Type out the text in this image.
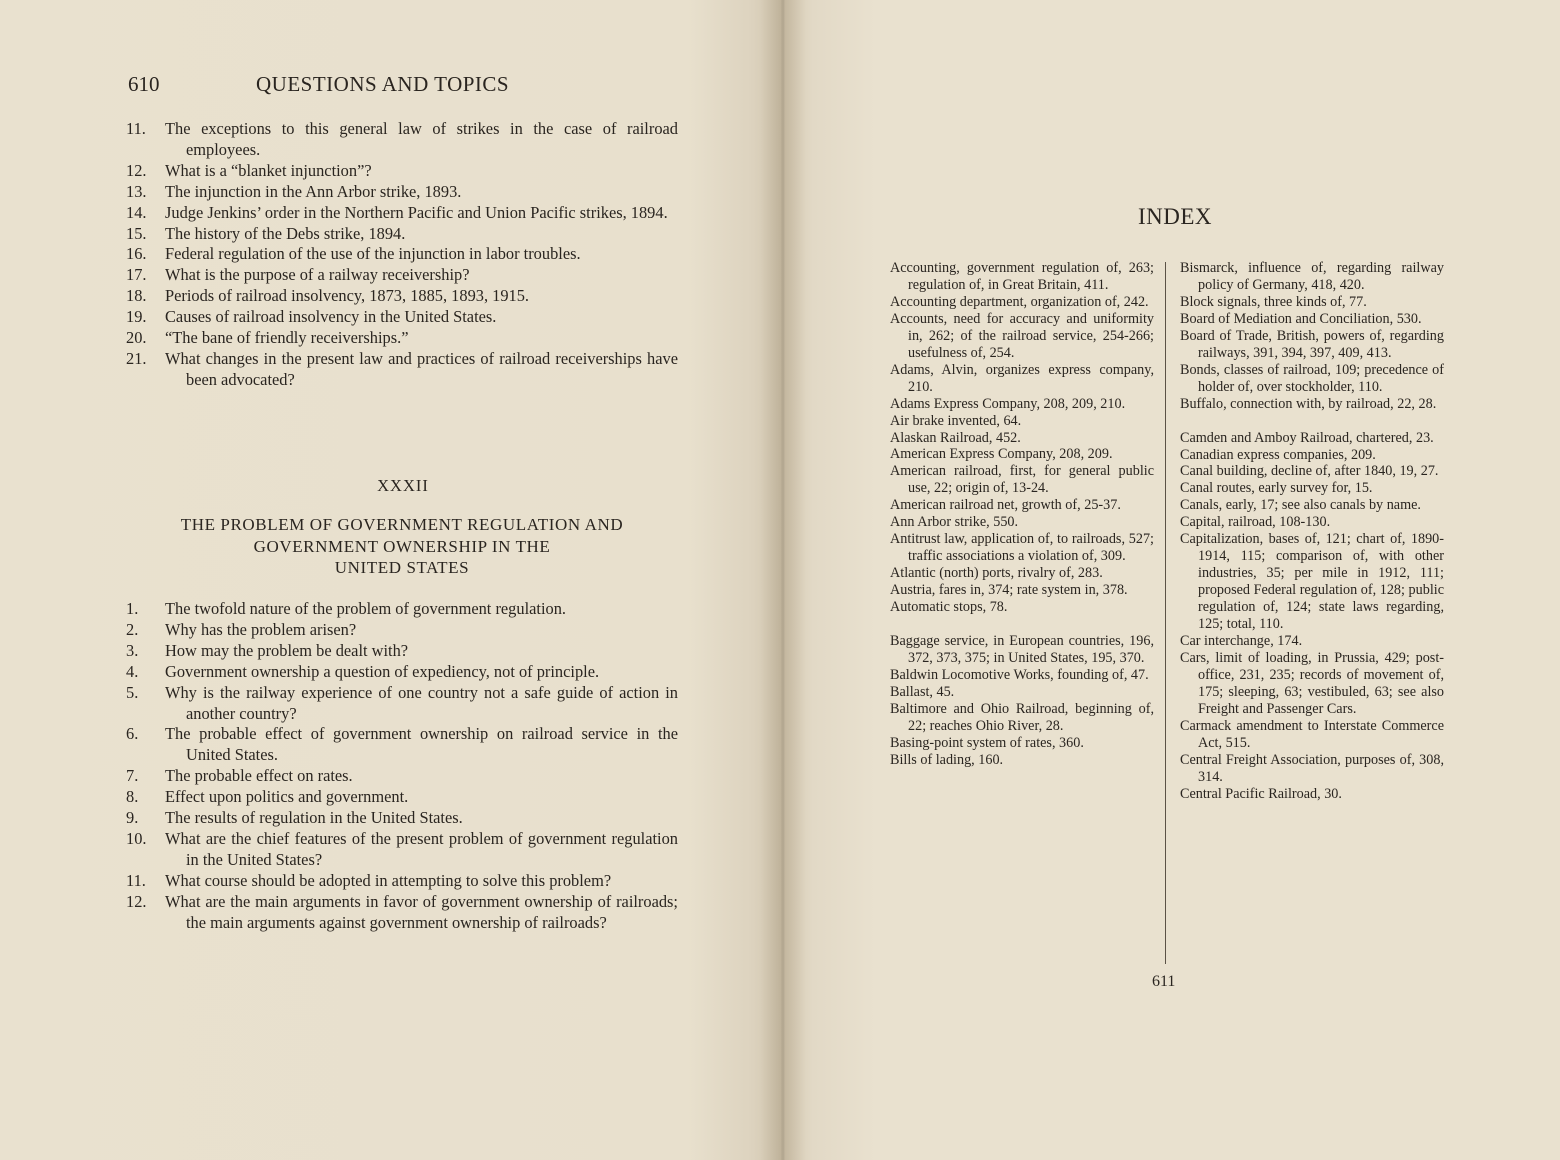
610	QUESTIONS AND TOPICS
11.	The exceptions to this general law of strikes in the case of railroad employees.
12.	What is a “blanket injunction”?
13.	The injunction in the Ann Arbor strike, 1893.
14.	Judge Jenkins’ order in the Northern Pacific and Union Pacific strikes, 1894.
15.	The history of the Debs strike, 1894.
16.	Federal regulation of the use of the injunction in labor troubles.
17.	What is the purpose of a railway receivership?
18.	Periods of railroad insolvency, 1873, 1885, 1893, 1915.
19.	Causes of railroad insolvency in the United States.
20.	“The bane of friendly receiverships.”
21.	What changes in the present law and practices of railroad receiverships have been advocated?
XXXII
THE PROBLEM OF GOVERNMENT REGULATION AND
GOVERNMENT OWNERSHIP IN THE
UNITED STATES
1.	The twofold nature of the problem of government regulation.
2.	Why has the problem arisen?
3.	How may the problem be dealt with?
4.	Government ownership a question of expediency, not of principle.
5.	Why is the railway experience of one country not a safe guide of action in another country?
6.	The probable effect of government ownership on railroad service in the United States.
7.	The probable effect on rates.
8.	Effect upon politics and government.
9.	The results of regulation in the United States.
10.	What are the chief features of the present problem of government regulation in the United States?
11.	What course should be adopted in attempting to solve this problem?
12.	What are the main arguments in favor of government ownership of railroads; the main arguments against government ownership of railroads?
INDEX
Accounting, government regulation of, 263; regulation of, in Great Britain, 411.
Accounting department, organization of, 242.
Accounts, need for accuracy and uniformity in, 262; of the railroad service, 254-266; usefulness of, 254.
Adams, Alvin, organizes express company, 210.
Adams Express Company, 208, 209, 210.
Air brake invented, 64.
Alaskan Railroad, 452.
American Express Company, 208, 209.
American railroad, first, for general public use, 22; origin of, 13-24.
American railroad net, growth of, 25-37.
Ann Arbor strike, 550.
Antitrust law, application of, to railroads, 527; traffic associations a violation of, 309.
Atlantic (north) ports, rivalry of, 283.
Austria, fares in, 374; rate system in, 378.
Automatic stops, 78.
Baggage service, in European countries, 196, 372, 373, 375; in United States, 195, 370.
Baldwin Locomotive Works, founding of, 47.
Ballast, 45.
Baltimore and Ohio Railroad, beginning of, 22; reaches Ohio River, 28.
Basing-point system of rates, 360.
Bills of lading, 160.
Bismarck, influence of, regarding railway policy of Germany, 418, 420.
Block signals, three kinds of, 77.
Board of Mediation and Conciliation, 530.
Board of Trade, British, powers of, regarding railways, 391, 394, 397, 409, 413.
Bonds, classes of railroad, 109; precedence of holder of, over stockholder, 110.
Buffalo, connection with, by railroad, 22, 28.
Camden and Amboy Railroad, chartered, 23.
Canadian express companies, 209.
Canal building, decline of, after 1840, 19, 27.
Canal routes, early survey for, 15.
Canals, early, 17; see also canals by name.
Capital, railroad, 108-130.
Capitalization, bases of, 121; chart of, 1890-1914, 115; comparison of, with other industries, 35; per mile in 1912, 111; proposed Federal regulation of, 128; public regulation of, 124; state laws regarding, 125; total, 110.
Car interchange, 174.
Cars, limit of loading, in Prussia, 429; post-office, 231, 235; records of movement of, 175; sleeping, 63; vestibuled, 63; see also Freight and Passenger Cars.
Carmack amendment to Interstate Commerce Act, 515.
Central Freight Association, purposes of, 308, 314.
Central Pacific Railroad, 30.
611
